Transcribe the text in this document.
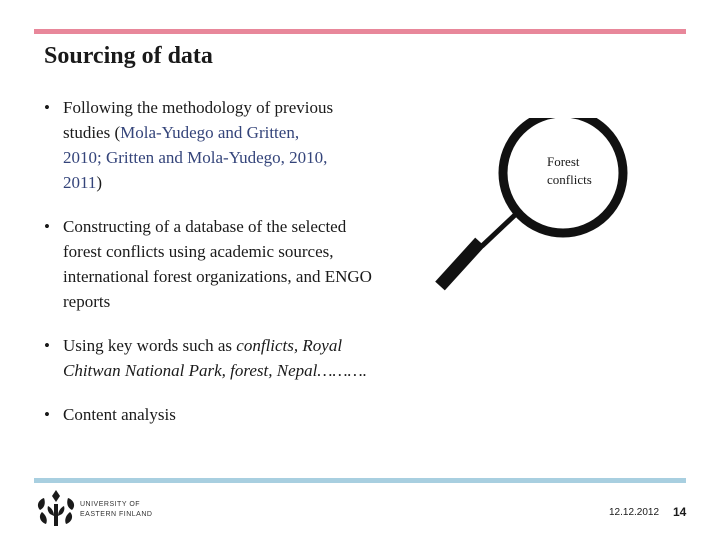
Sourcing of data
• Following the methodology of previous
studies (Mola-Yudego and Gritten,
2010; Gritten and Mola-Yudego, 2010,
2011)
• Constructing of a database of the selected forest conflicts using academic sources, international forest organizations, and ENGO reports
• Using key words such as conflicts, Royal Chitwan National Park, forest, Nepal……….
• Content analysis
Forest
conflicts
UNIVERSITY OF
EASTERN FINLAND	12.12.2012 14
